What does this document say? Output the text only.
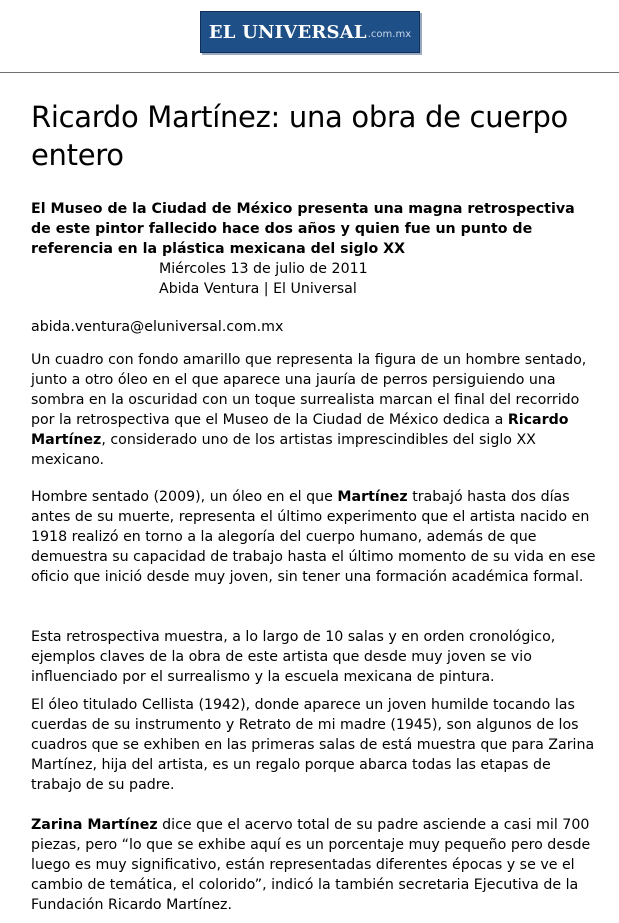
EL UNIVERSAL .com.mx
Ricardo Martínez: una obra de cuerpo entero

El Museo de la Ciudad de México presenta una magna retrospectiva de este pintor fallecido hace dos años y quien fue un punto de referencia en la plástica mexicana del siglo XX

Miércoles 13 de julio de 2011
Abida Ventura | El Universal
abida.ventura@eluniversal.com.mx

Un cuadro con fondo amarillo que representa la figura de un hombre sentado, junto a otro óleo en el que aparece una jauría de perros persiguiendo una sombra en la oscuridad con un toque surrealista marcan el final del recorrido por la retrospectiva que el Museo de la Ciudad de México dedica a Ricardo Martínez, considerado uno de los artistas imprescindibles del siglo XX mexicano.

Hombre sentado (2009), un óleo en el que Martínez trabajó hasta dos días antes de su muerte, representa el último experimento que el artista nacido en 1918 realizó en torno a la alegoría del cuerpo humano, además de que demuestra su capacidad de trabajo hasta el último momento de su vida en ese oficio que inició desde muy joven, sin tener una formación académica formal.

Esta retrospectiva muestra, a lo largo de 10 salas y en orden cronológico, ejemplos claves de la obra de este artista que desde muy joven se vio influenciado por el surrealismo y la escuela mexicana de pintura.

El óleo titulado Cellista (1942), donde aparece un joven humilde tocando las cuerdas de su instrumento y Retrato de mi madre (1945), son algunos de los cuadros que se exhiben en las primeras salas de está muestra que para Zarina Martínez, hija del artista, es un regalo porque abarca todas las etapas de trabajo de su padre.

Zarina Martínez dice que el acervo total de su padre asciende a casi mil 700 piezas, pero “lo que se exhibe aquí es un porcentaje muy pequeño pero desde luego es muy significativo, están representadas diferentes épocas y se ve el cambio de temática, el colorido”, indicó la también secretaria Ejecutiva de la Fundación Ricardo Martínez.
